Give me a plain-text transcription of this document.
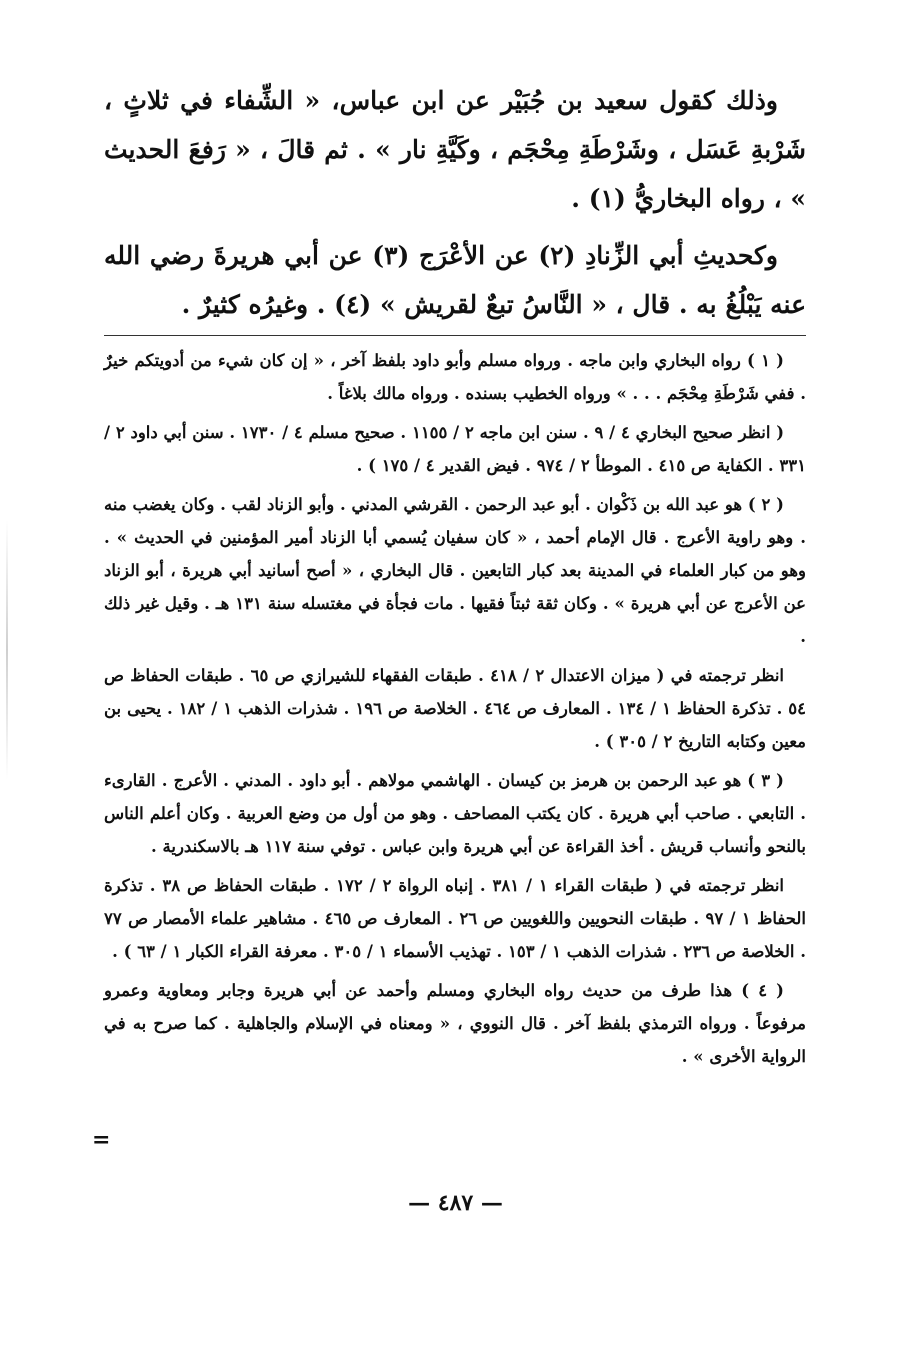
وذلك كقول سعيد بن جُبَيْر عن ابن عباس، « الشِّفاء في ثلاثٍ ، شَرْبةِ عَسَل ، وشَرْطَةِ مِحْجَم ، وكَيَّةِ نار » . ثم قالَ ، « رَفعَ الحديث » ، رواه البخاريُّ (١) .

وكحديثِ أبي الزِّنادِ (٢) عن الأعْرَج (٣) عن أبي هريرةَ رضي الله عنه يَبْلُغُ به . قال ، « النَّاسُ تبعٌ لقريش » (٤) . وغيرُه كثيرٌ .

( ١ ) رواه البخاري وابن ماجه . ورواه مسلم وأبو داود بلفظ آخر ، « إن كان شيء من أدويتكم خيرٌ . ففي شَرْطَةِ مِحْجَم . . . » ورواه الخطيب بسنده . ورواه مالك بلاغاً .

( انظر صحيح البخاري ٤ / ٩ . سنن ابن ماجه ٢ / ١١٥٥ . صحيح مسلم ٤ / ١٧٣٠ . سنن أبي داود ٢ / ٣٣١ . الكفاية ص ٤١٥ . الموطأ ٢ / ٩٧٤ . فيض القدير ٤ / ١٧٥ ) .

( ٢ ) هو عبد الله بن ذَكْوان . أبو عبد الرحمن . القرشي المدني . وأبو الزناد لقب . وكان يغضب منه . وهو راوية الأعرج . قال الإمام أحمد ، « كان سفيان يُسمي أبا الزناد أمير المؤمنين في الحديث » . وهو من كبار العلماء في المدينة بعد كبار التابعين . قال البخاري ، « أصح أسانيد أبي هريرة ، أبو الزناد عن الأعرج عن أبي هريرة » . وكان ثقة ثبتاً فقيها . مات فجأة في مغتسله سنة ١٣١ هـ . وقيل غير ذلك .

انظر ترجمته في ( ميزان الاعتدال ٢ / ٤١٨ . طبقات الفقهاء للشيرازي ص ٦٥ . طبقات الحفاظ ص ٥٤ . تذكرة الحفاظ ١ / ١٣٤ . المعارف ص ٤٦٤ . الخلاصة ص ١٩٦ . شذرات الذهب ١ / ١٨٢ . يحيى بن معين وكتابه التاريخ ٢ / ٣٠٥ ) .

( ٣ ) هو عبد الرحمن بن هرمز بن كيسان . الهاشمي مولاهم . أبو داود . المدني . الأعرج . القارىء . التابعي . صاحب أبي هريرة . كان يكتب المصاحف . وهو من أول من وضع العربية . وكان أعلم الناس بالنحو وأنساب قريش . أخذ القراءة عن أبي هريرة وابن عباس . توفي سنة ١١٧ هـ بالاسكندرية .

انظر ترجمته في ( طبقات القراء ١ / ٣٨١ . إنباه الرواة ٢ / ١٧٢ . طبقات الحفاظ ص ٣٨ . تذكرة الحفاظ ١ / ٩٧ . طبقات النحويين واللغويين ص ٢٦ . المعارف ص ٤٦٥ . مشاهير علماء الأمصار ص ٧٧ . الخلاصة ص ٢٣٦ . شذرات الذهب ١ / ١٥٣ . تهذيب الأسماء ١ / ٣٠٥ . معرفة القراء الكبار ١ / ٦٣ ) .

( ٤ ) هذا طرف من حديث رواه البخاري ومسلم وأحمد عن أبي هريرة وجابر ومعاوية وعمرو مرفوعاً . ورواه الترمذي بلفظ آخر . قال النووي ، « ومعناه في الإسلام والجاهلية . كما صرح به في الرواية الأخرى » .

=
— ٤٨٧ —
